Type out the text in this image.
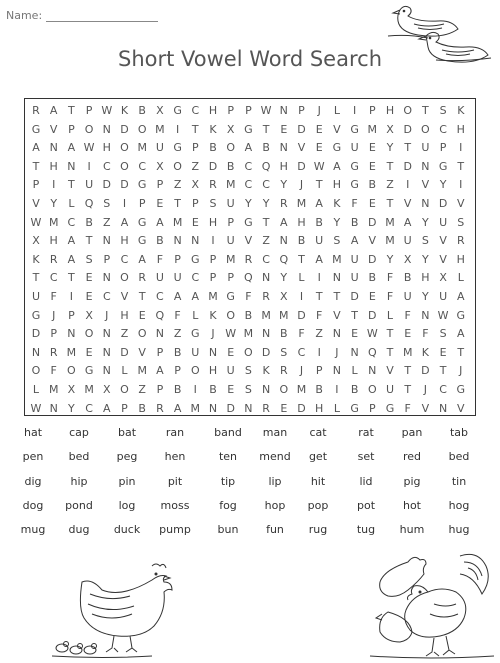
Name:
Short Vowel Word Search
R A T	P W K B X G C H P	P W N P	J	L	I	P H O T S K
G V P O N D O M	I	T K X G T E D E V G M X D O C H
A N A W H O M U G P B O A B N V E G U E Y T U P	I
T H N	I	C O C X O Z D B C Q H D W A G E T D N G T
P	I	T U D D G P Z X R M C C Y	J	T H G B Z	I	V Y	I
V Y	L Q S	I	P E T	P S U Y Y R M A K F	E T V N D V
W M C B Z A G A M E H P G T A H B Y B D M A Y U S
X H A T N H G B N N	I	U V Z N B U S A V M U S V R
K R A S P C A F	P G P M R C Q T A M U D Y X Y V H
T C T E N O R U U C P	P Q N Y	L	I	N U B F B H X L
U F	I	E C V T C A A M G F R X	I	T T D E	F U Y U A
G	J	P X	J	H E Q F	L	K O B M M D F V T D L	F N W G
D P N O N Z O N Z G	J W M N B F Z N E W T E	F	S A
N R M E N D V P B U N E O D S C	I	J	N Q T M K E T
O F O G N L M A P O H U S K R	J	P N L N V T D T	J
L M X M X O Z P B	I	B E S N O M B	I	B O U T	J	C G
W N Y C A P B R A M N D N R E D H L G P G F V N V
hat	cap	bat	ran	band	man	cat	rat	pan	tab
pen	bed	peg	hen	ten	mend	get	set	red	bed
dig	hip	pin	pit	tip	lip	hit	lid	pig	tin
dog	pond	log	moss	fog	hop	pop	pot	hot	hog
mug	dug	duck	pump	bun	fun	rug	tug	hum	hug
